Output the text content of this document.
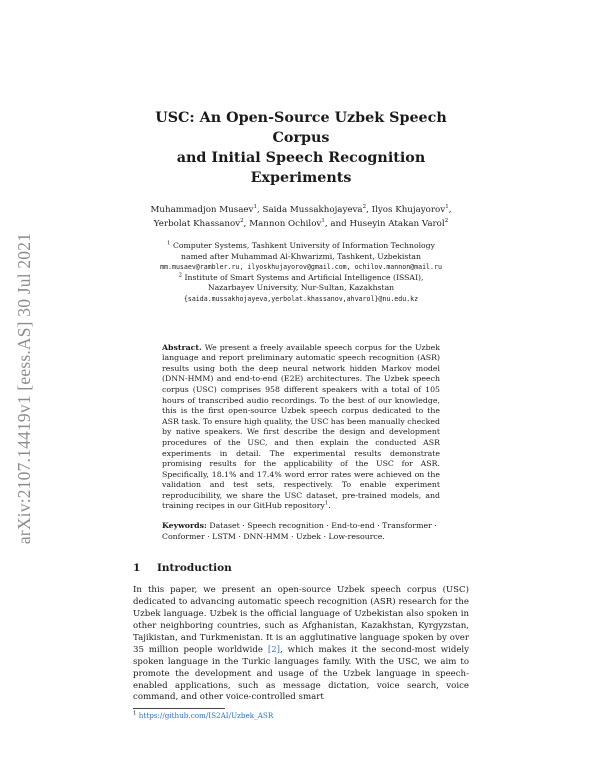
arXiv:2107.14419v1 [eess.AS] 30 Jul 2021
USC: An Open-Source Uzbek Speech Corpus
and Initial Speech Recognition Experiments
Muhammadjon Musaev$^1$, Saida Mussakhojayeva$^2$, Ilyos Khujayorov$^1$,
Yerbolat Khassanov$^2$, Mannon Ochilov$^1$, and Huseyin Atakan Varol$^2$
$^1$ Computer Systems, Tashkent University of Information Technology
named after Muhammad Al-Khwarizmi, Tashkent, Uzbekistan
mm.musaev@rambler.ru, ilyoskhujayorov@gmail.com, ochilov.mannon@mail.ru
$^2$ Institute of Smart Systems and Artificial Intelligence (ISSAI),
Nazarbayev University, Nur-Sultan, Kazakhstan
{saida.mussakhojayeva,yerbolat.khassanov,ahvarol}@nu.edu.kz
Abstract. We present a freely available speech corpus for the Uzbek language and report preliminary automatic speech recognition (ASR) results using both the deep neural network hidden Markov model (DNN-HMM) and end-to-end (E2E) architectures. The Uzbek speech corpus (USC) comprises 958 different speakers with a total of 105 hours of transcribed audio recordings. To the best of our knowledge, this is the first open-source Uzbek speech corpus dedicated to the ASR task. To ensure high quality, the USC has been manually checked by native speakers. We first describe the design and development procedures of the USC, and then explain the conducted ASR experiments in detail. The experimental results demonstrate promising results for the applicability of the USC for ASR. Specifically, 18.1% and 17.4% word error rates were achieved on the validation and test sets, respectively. To enable experiment reproducibility, we share the USC dataset, pre-trained models, and training recipes in our GitHub repository$^1$.
Keywords: Dataset · Speech recognition · End-to-end · Transformer · Conformer · LSTM · DNN-HMM · Uzbek · Low-resource.
1 Introduction
In this paper, we present an open-source Uzbek speech corpus (USC) dedicated to advancing automatic speech recognition (ASR) research for the Uzbek language. Uzbek is the official language of Uzbekistan also spoken in other neighboring countries, such as Afghanistan, Kazakhstan, Kyrgyzstan, Tajikistan, and Turkmenistan. It is an agglutinative language spoken by over 35 million people worldwide [2], which makes it the second-most widely spoken language in the Turkic languages family. With the USC, we aim to promote the development and usage of the Uzbek language in speech-enabled applications, such as message dictation, voice search, voice command, and other voice-controlled smart
$^1$ https://github.com/IS2AI/Uzbek_ASR
